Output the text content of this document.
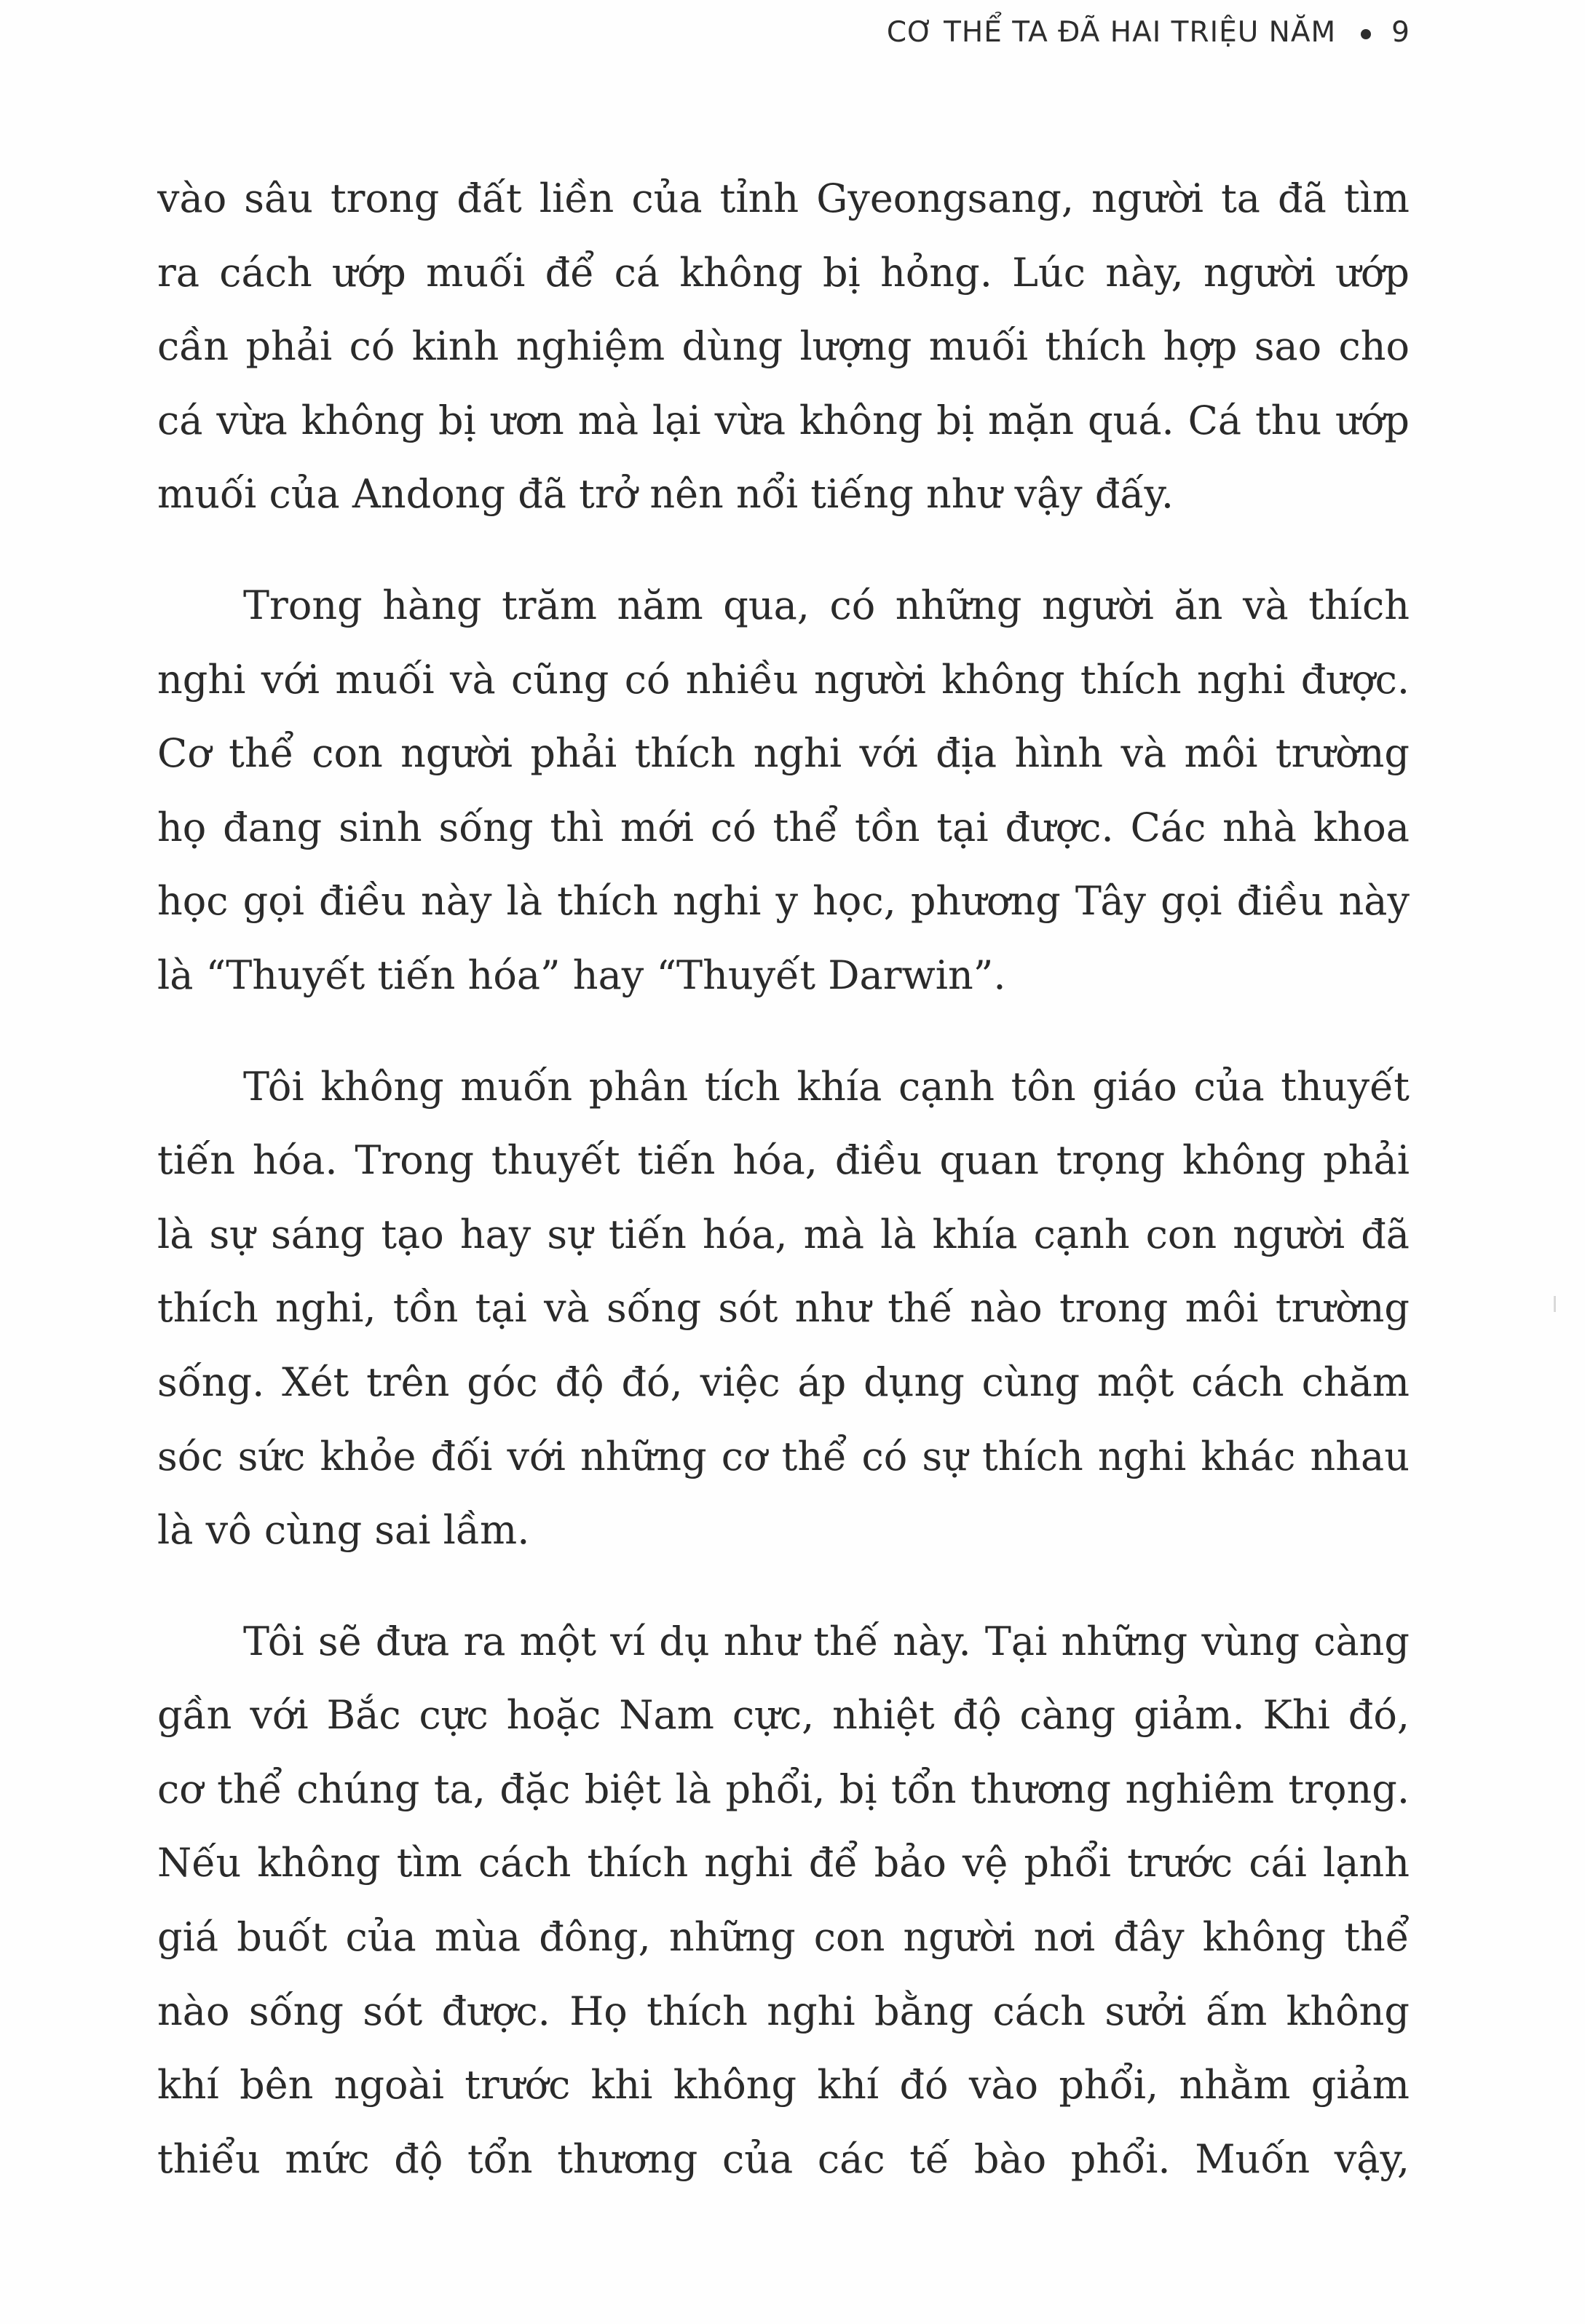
CƠ THỂ TA ĐÃ HAI TRIỆU NĂM 9
vào sâu trong đất liền của tỉnh Gyeongsang, người ta đã tìm
ra cách ướp muối để cá không bị hỏng. Lúc này, người ướp
cần phải có kinh nghiệm dùng lượng muối thích hợp sao cho
cá vừa không bị ươn mà lại vừa không bị mặn quá. Cá thu ướp
muối của Andong đã trở nên nổi tiếng như vậy đấy.
Trong hàng trăm năm qua, có những người ăn và thích
nghi với muối và cũng có nhiều người không thích nghi được.
Cơ thể con người phải thích nghi với địa hình và môi trường
họ đang sinh sống thì mới có thể tồn tại được. Các nhà khoa
học gọi điều này là thích nghi y học, phương Tây gọi điều này
là “Thuyết tiến hóa” hay “Thuyết Darwin”.
Tôi không muốn phân tích khía cạnh tôn giáo của thuyết
tiến hóa. Trong thuyết tiến hóa, điều quan trọng không phải
là sự sáng tạo hay sự tiến hóa, mà là khía cạnh con người đã
thích nghi, tồn tại và sống sót như thế nào trong môi trường
sống. Xét trên góc độ đó, việc áp dụng cùng một cách chăm
sóc sức khỏe đối với những cơ thể có sự thích nghi khác nhau
là vô cùng sai lầm.
Tôi sẽ đưa ra một ví dụ như thế này. Tại những vùng càng
gần với Bắc cực hoặc Nam cực, nhiệt độ càng giảm. Khi đó,
cơ thể chúng ta, đặc biệt là phổi, bị tổn thương nghiêm trọng.
Nếu không tìm cách thích nghi để bảo vệ phổi trước cái lạnh
giá buốt của mùa đông, những con người nơi đây không thể
nào sống sót được. Họ thích nghi bằng cách sưởi ấm không
khí bên ngoài trước khi không khí đó vào phổi, nhằm giảm
thiểu mức độ tổn thương của các tế bào phổi. Muốn vậy,
